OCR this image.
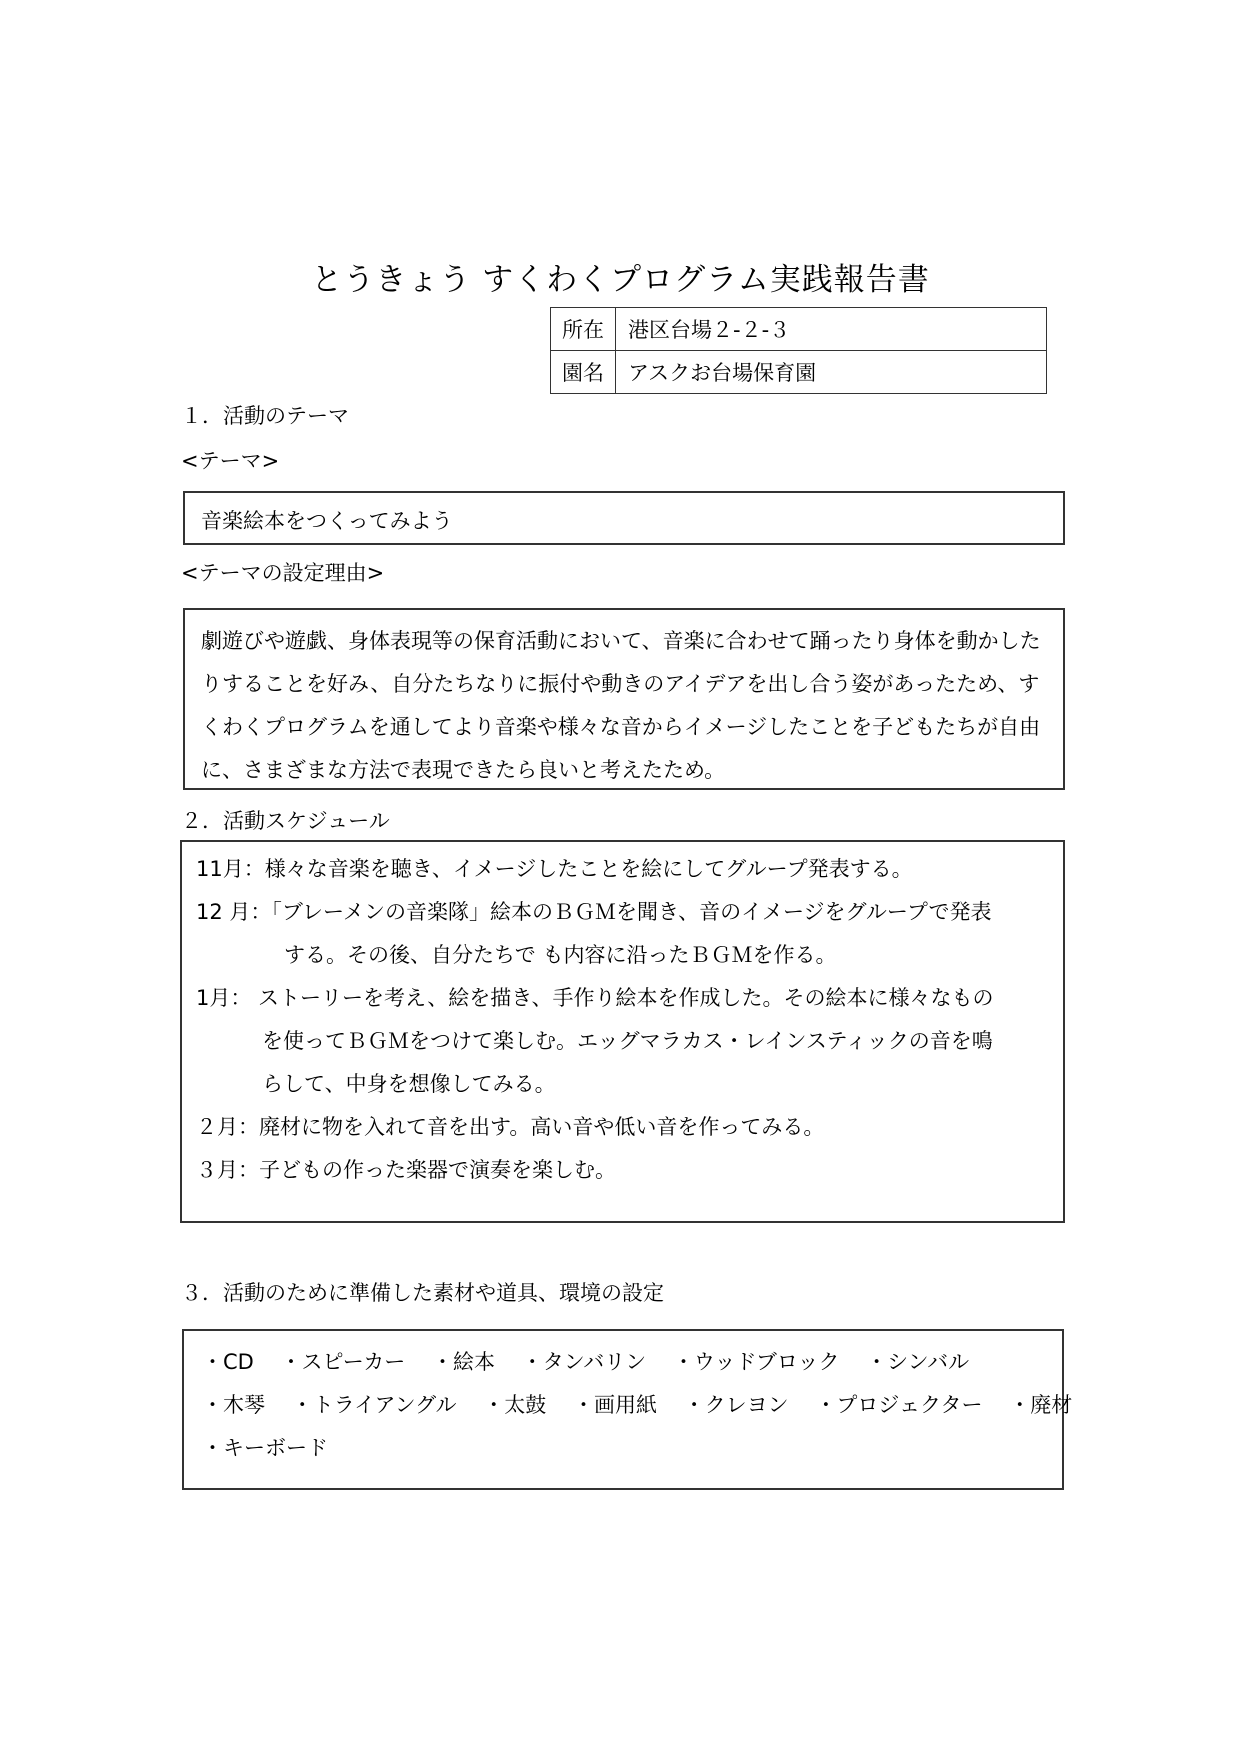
とうきょう すくわくプログラム実践報告書
所在	港区台場２-２-３
園名	アスクお台場保育園
１．活動のテーマ
<テーマ>
音楽絵本をつくってみよう
<テーマの設定理由>
劇遊びや遊戯、身体表現等の保育活動において、音楽に合わせて踊ったり身体を動かしたりすることを好み、自分たちなりに振付や動きのアイデアを出し合う姿があったため、すくわくプログラムを通してより音楽や様々な音からイメージしたことを子どもたちが自由に、さまざまな方法で表現できたら良いと考えたため。
２．活動スケジュール
11月：様々な音楽を聴き、イメージしたことを絵にしてグループ発表する。
12 月：「ブレーメンの音楽隊」絵本のＢＧＭを聞き、音のイメージをグループで発表
する。その後、自分たちで も内容に沿ったＢＧＭを作る。
1月： ストーリーを考え、絵を描き、手作り絵本を作成した。その絵本に様々なもの
を使ってＢＧＭをつけて楽しむ。エッグマラカス・レインスティックの音を鳴
らして、中身を想像してみる。
２月：廃材に物を入れて音を出す。高い音や低い音を作ってみる。
３月：子どもの作った楽器で演奏を楽しむ。
３．活動のために準備した素材や道具、環境の設定
・CD ・スピーカー ・絵本 ・タンバリン ・ウッドブロック ・シンバル
・木琴 ・トライアングル ・太鼓 ・画用紙 ・クレヨン ・プロジェクター ・廃材
・キーボード
